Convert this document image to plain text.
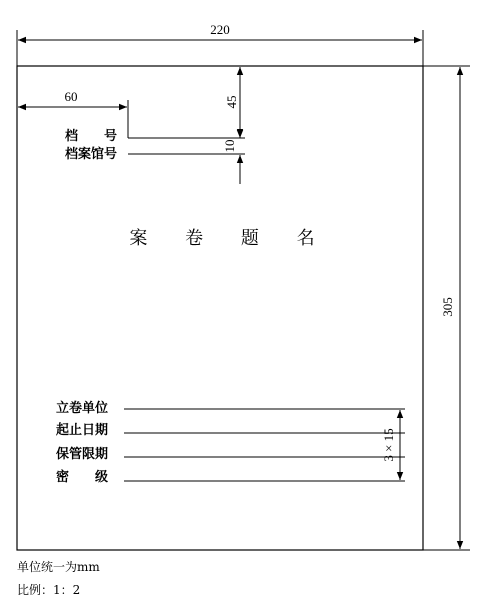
220
305
60	45
档　　号
档案馆号
10
案 卷 题 名
立卷单位
起止日期
保管限期
密　　级
3 × 15
单位统一为mm
比例：1：2
